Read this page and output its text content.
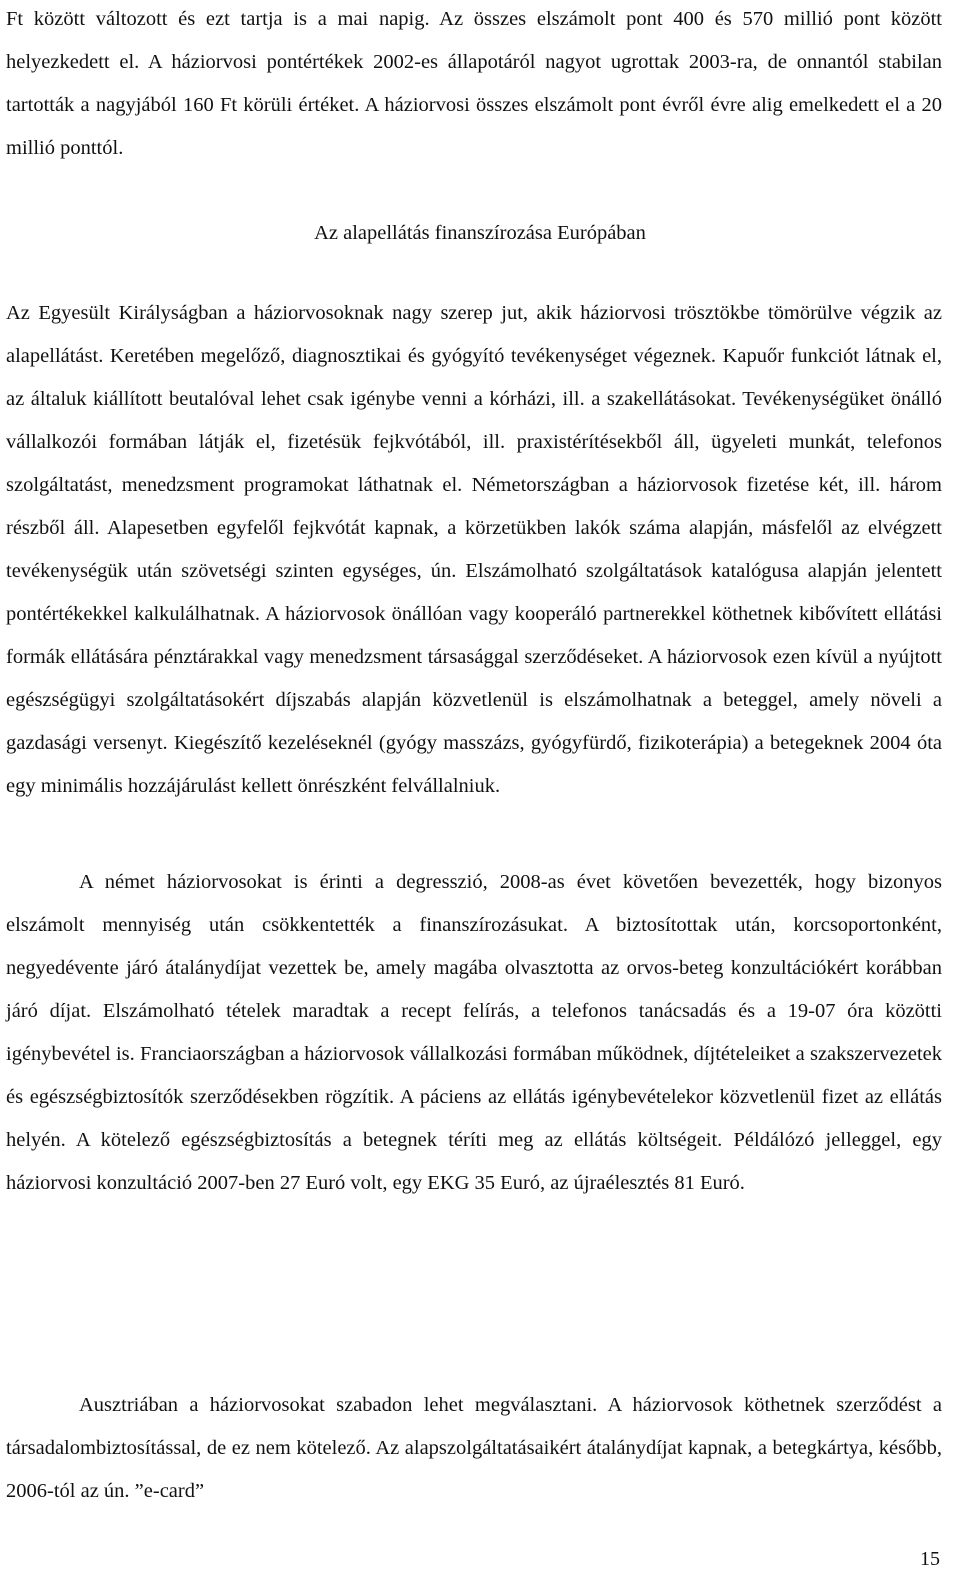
Ft között változott és ezt tartja is a mai napig. Az összes elszámolt pont 400 és 570 millió pont között helyezkedett el. A háziorvosi pontértékek 2002-es állapotáról nagyot ugrottak 2003-ra, de onnantól stabilan tartották a nagyjából 160 Ft körüli értéket. A háziorvosi összes elszámolt pont évről évre alig emelkedett el a 20 millió ponttól.

Az alapellátás finanszírozása Európában

Az Egyesült Királyságban a háziorvosoknak nagy szerep jut, akik háziorvosi trösztökbe tömörülve végzik az alapellátást. Keretében megelőző, diagnosztikai és gyógyító tevékenységet végeznek. Kapuőr funkciót látnak el, az általuk kiállított beutalóval lehet csak igénybe venni a kórházi, ill. a szakellátásokat. Tevékenységüket önálló vállalkozói formában látják el, fizetésük fejkvótából, ill. praxistérítésekből áll, ügyeleti munkát, telefonos szolgáltatást, menedzsment programokat láthatnak el. Németországban a háziorvosok fizetése két, ill. három részből áll. Alapesetben egyfelől fejkvótát kapnak, a körzetükben lakók száma alapján, másfelől az elvégzett tevékenységük után szövetségi szinten egységes, ún. Elszámolható szolgáltatások katalógusa alapján jelentett pontértékekkel kalkulálhatnak. A háziorvosok önállóan vagy kooperáló partnerekkel köthetnek kibővített ellátási formák ellátására pénztárakkal vagy menedzsment társasággal szerződéseket. A háziorvosok ezen kívül a nyújtott egészségügyi szolgáltatásokért díjszabás alapján közvetlenül is elszámolhatnak a beteggel, amely növeli a gazdasági versenyt. Kiegészítő kezeléseknél (gyógy masszázs, gyógyfürdő, fizikoterápia) a betegeknek 2004 óta egy minimális hozzájárulást kellett önrészként felvállalniuk.

A német háziorvosokat is érinti a degresszió, 2008-as évet követően bevezették, hogy bizonyos elszámolt mennyiség után csökkentették a finanszírozásukat. A biztosítottak után, korcsoportonként, negyedévente járó átalánydíjat vezettek be, amely magába olvasztotta az orvos-beteg konzultációkért korábban járó díjat. Elszámolható tételek maradtak a recept felírás, a telefonos tanácsadás és a 19-07 óra közötti igénybevétel is. Franciaországban a háziorvosok vállalkozási formában működnek, díjtételeiket a szakszervezetek és egészségbiztosítók szerződésekben rögzítik. A páciens az ellátás igénybevételekor közvetlenül fizet az ellátás helyén. A kötelező egészségbiztosítás a betegnek téríti meg az ellátás költségeit. Példálózó jelleggel, egy háziorvosi konzultáció 2007-ben 27 Euró volt, egy EKG 35 Euró, az újraélesztés 81 Euró.

Ausztriában a háziorvosokat szabadon lehet megválasztani. A háziorvosok köthetnek szerződést a társadalombiztosítással, de ez nem kötelező. Az alapszolgáltatásaikért átalánydíjat kapnak, a betegkártya, később, 2006-tól az ún. ”e-card”

15
